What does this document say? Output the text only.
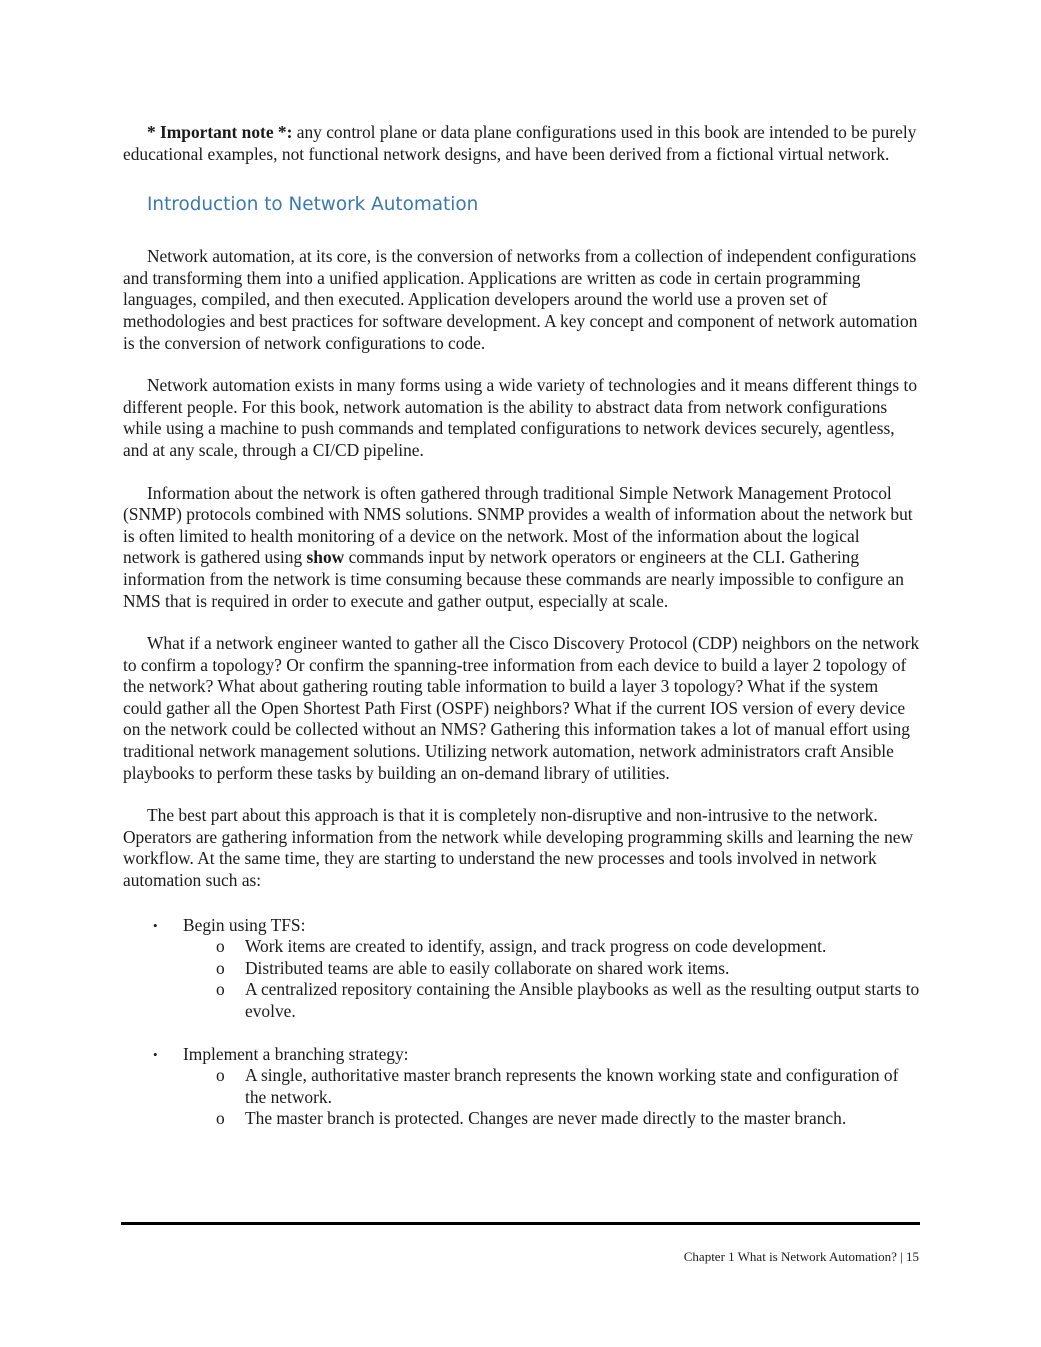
* Important note *: any control plane or data plane configurations used in this book are intended to be purely educational examples, not functional network designs, and have been derived from a fictional virtual network.

Introduction to Network Automation

Network automation, at its core, is the conversion of networks from a collection of independent configurations and transforming them into a unified application. Applications are written as code in certain programming languages, compiled, and then executed. Application developers around the world use a proven set of methodologies and best practices for software development. A key concept and component of network automation is the conversion of network configurations to code.

Network automation exists in many forms using a wide variety of technologies and it means different things to different people. For this book, network automation is the ability to abstract data from network configurations while using a machine to push commands and templated configurations to network devices securely, agentless, and at any scale, through a CI/CD pipeline.

Information about the network is often gathered through traditional Simple Network Management Protocol (SNMP) protocols combined with NMS solutions. SNMP provides a wealth of information about the network but is often limited to health monitoring of a device on the network. Most of the information about the logical network is gathered using show commands input by network operators or engineers at the CLI. Gathering information from the network is time consuming because these commands are nearly impossible to configure an NMS that is required in order to execute and gather output, especially at scale.

What if a network engineer wanted to gather all the Cisco Discovery Protocol (CDP) neighbors on the network to confirm a topology? Or confirm the spanning-tree information from each device to build a layer 2 topology of the network? What about gathering routing table information to build a layer 3 topology? What if the system could gather all the Open Shortest Path First (OSPF) neighbors? What if the current IOS version of every device on the network could be collected without an NMS? Gathering this information takes a lot of manual effort using traditional network management solutions. Utilizing network automation, network administrators craft Ansible playbooks to perform these tasks by building an on-demand library of utilities.

The best part about this approach is that it is completely non-disruptive and non-intrusive to the network. Operators are gathering information from the network while developing programming skills and learning the new workflow. At the same time, they are starting to understand the new processes and tools involved in network automation such as:

• Begin using TFS:
o Work items are created to identify, assign, and track progress on code development.
o Distributed teams are able to easily collaborate on shared work items.
o A centralized repository containing the Ansible playbooks as well as the resulting output starts to evolve.
• Implement a branching strategy:
o A single, authoritative master branch represents the known working state and configuration of the network.
o The master branch is protected. Changes are never made directly to the master branch.
Chapter 1 What is Network Automation? | 15
